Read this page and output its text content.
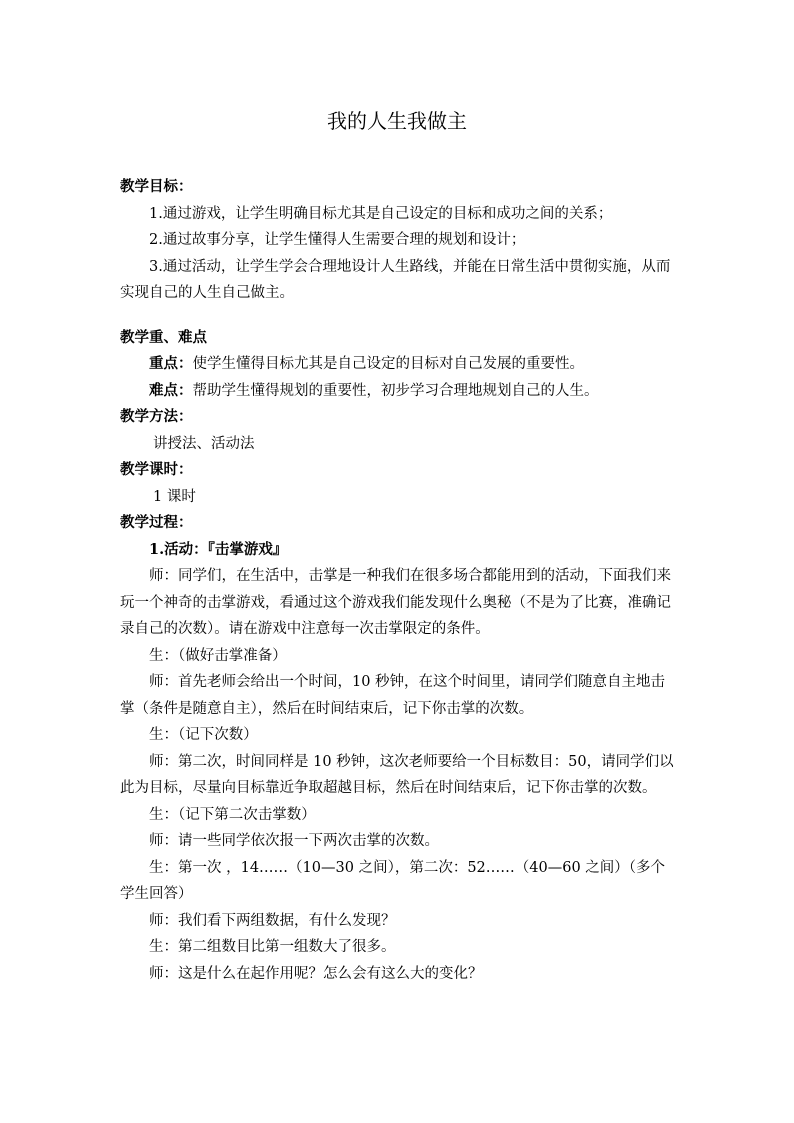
我的人生我做主

教学目标：

1.通过游戏，让学生明确目标尤其是自己设定的目标和成功之间的关系；

2.通过故事分享，让学生懂得人生需要合理的规划和设计；

3.通过活动，让学生学会合理地设计人生路线，并能在日常生活中贯彻实施，从而实现自己的人生自己做主。

教学重、难点

重点：使学生懂得目标尤其是自己设定的目标对自己发展的重要性。

难点：帮助学生懂得规划的重要性，初步学习合理地规划自己的人生。

教学方法：

讲授法、活动法

教学课时：

1 课时

教学过程：

1.活动：『击掌游戏』

师：同学们，在生活中，击掌是一种我们在很多场合都能用到的活动，下面我们来玩一个神奇的击掌游戏，看通过这个游戏我们能发现什么奥秘（不是为了比赛，准确记录自己的次数）。请在游戏中注意每一次击掌限定的条件。

生：（做好击掌准备）

师：首先老师会给出一个时间，10 秒钟，在这个时间里，请同学们随意自主地击掌（条件是随意自主），然后在时间结束后，记下你击掌的次数。

生：（记下次数）

师：第二次，时间同样是 10 秒钟，这次老师要给一个目标数目：50，请同学们以此为目标，尽量向目标靠近争取超越目标，然后在时间结束后，记下你击掌的次数。

生：（记下第二次击掌数）

师：请一些同学依次报一下两次击掌的次数。

生：第一次 ，14……（10—30 之间），第二次：52……（40—60 之间）（多个学生回答）

师：我们看下两组数据，有什么发现？

生：第二组数目比第一组数大了很多。

师：这是什么在起作用呢？怎么会有这么大的变化？
